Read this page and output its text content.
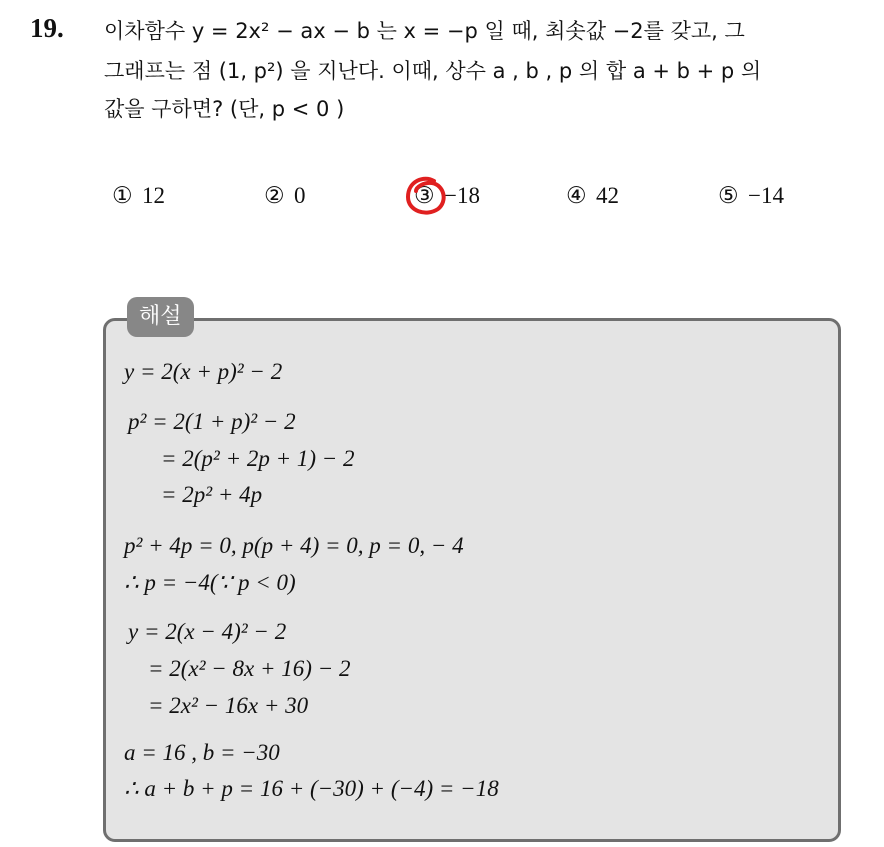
19. 이차함수 y = 2x² − ax − b 는 x = −p 일 때, 최솟값 −2를 갖고, 그
그래프는 점 (1, p²) 을 지난다. 이때, 상수 a , b , p 의 합 a + b + p 의
값을 구하면? (단, p < 0 )
① 12	② 0	③ −18	④ 42	⑤ −14
해설
y = 2(x + p)² − 2
p² = 2(1 + p)² − 2
= 2(p² + 2p + 1) − 2
= 2p² + 4p
p² + 4p = 0, p(p + 4) = 0, p = 0, − 4
∴ p = −4(∵ p < 0)
y = 2(x − 4)² − 2
= 2(x² − 8x + 16) − 2
= 2x² − 16x + 30
a = 16 , b = −30
∴ a + b + p = 16 + (−30) + (−4) = −18
